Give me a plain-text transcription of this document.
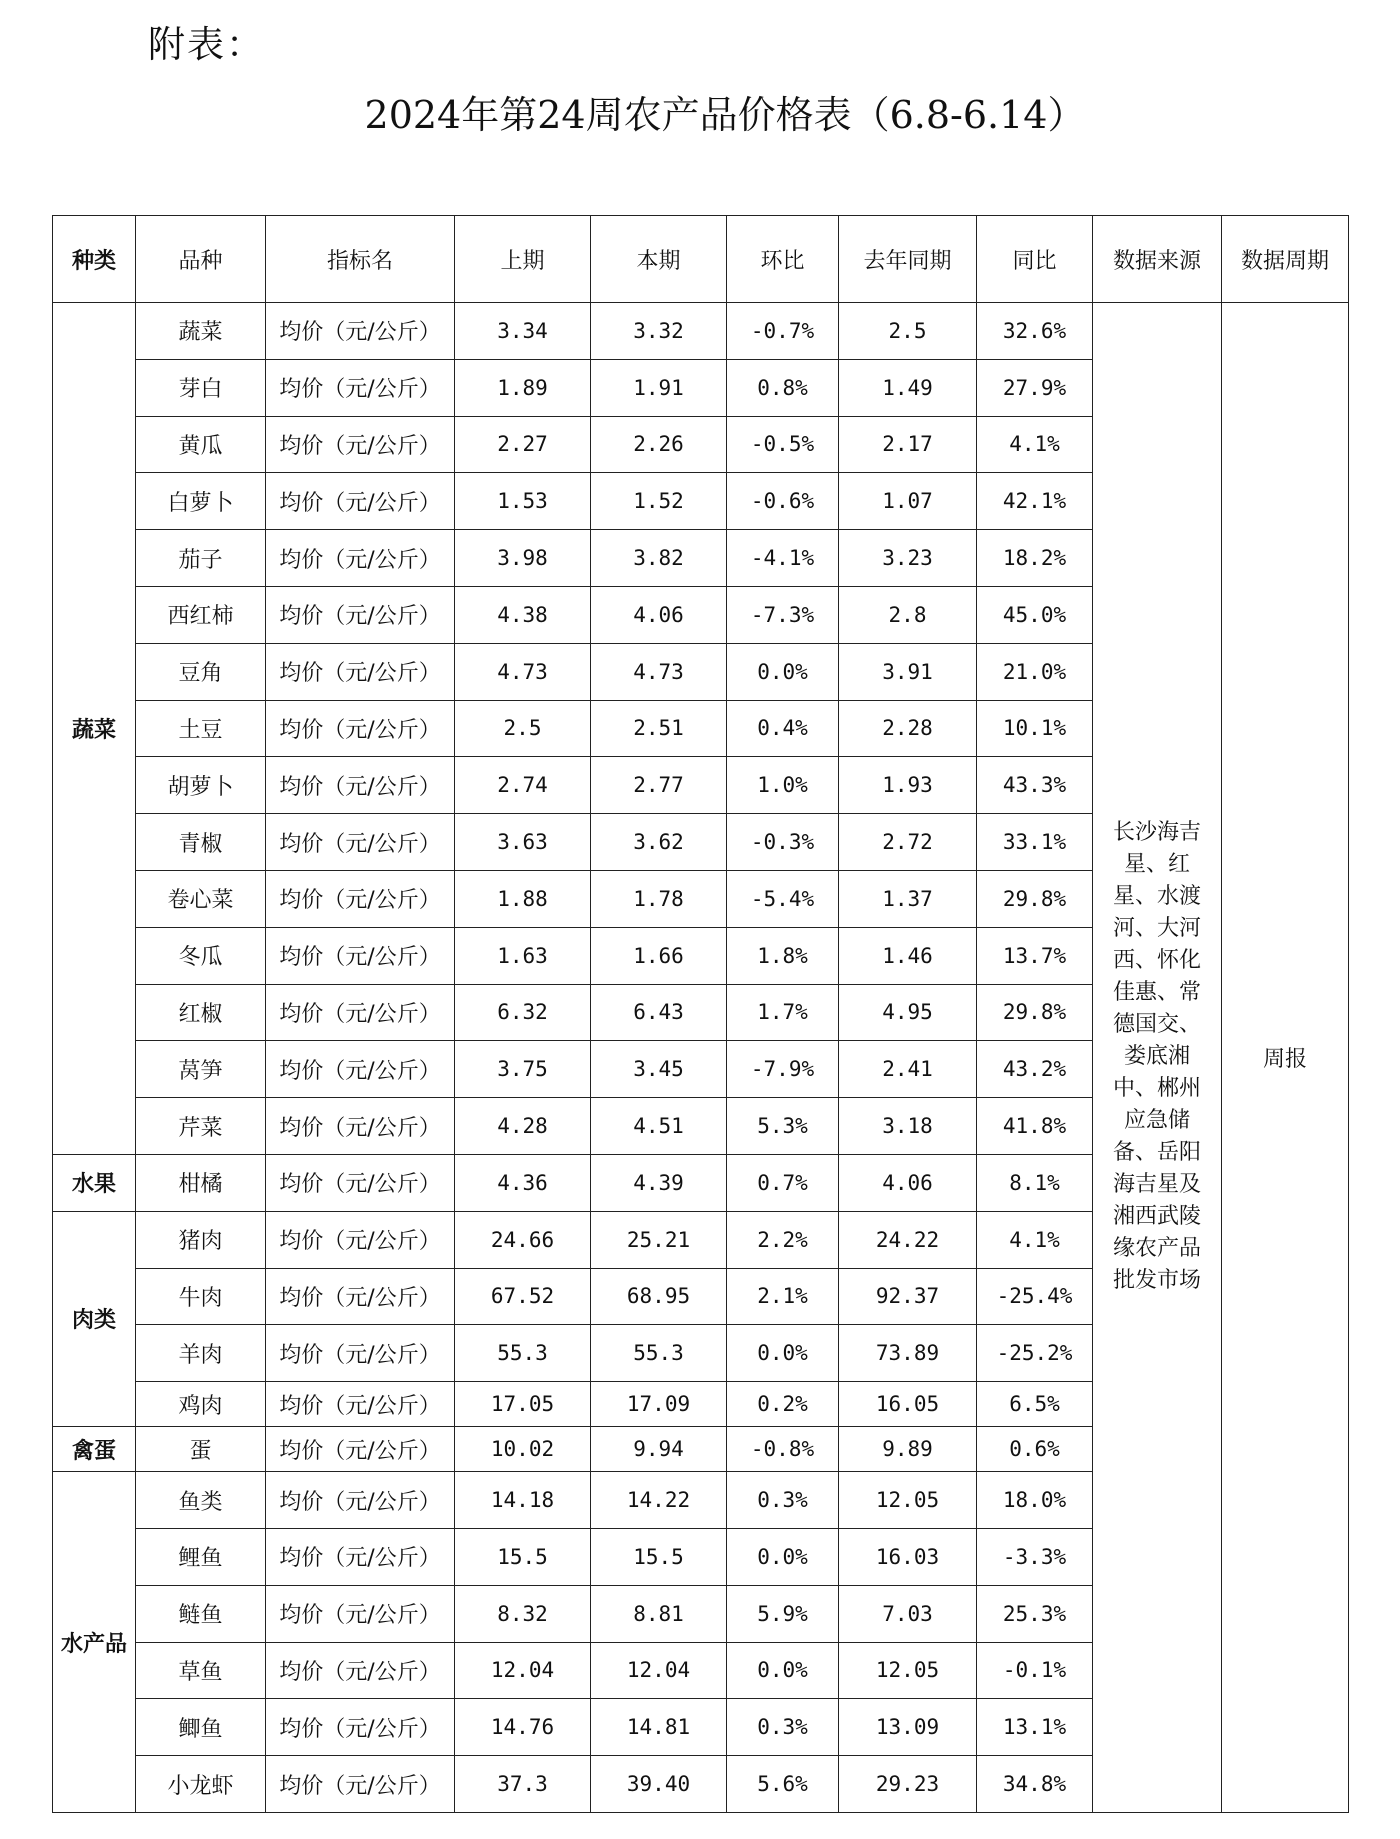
附表：
2024年第24周农产品价格表（6.8-6.14）
种类	品种	指标名	上期	本期	环比	去年同期	同比	数据来源	数据周期
蔬菜	蔬菜	均价（元/公斤）	3.34	3.32	-0.7%	2.5	32.6%	长沙海吉星、红星、水渡河、大河西、怀化佳惠、常德国交、娄底湘中、郴州应急储备、岳阳海吉星及湘西武陵缘农产品批发市场	周报
	芽白	均价（元/公斤）	1.89	1.91	0.8%	1.49	27.9%		
	黄瓜	均价（元/公斤）	2.27	2.26	-0.5%	2.17	4.1%		
	白萝卜	均价（元/公斤）	1.53	1.52	-0.6%	1.07	42.1%		
	茄子	均价（元/公斤）	3.98	3.82	-4.1%	3.23	18.2%		
	西红柿	均价（元/公斤）	4.38	4.06	-7.3%	2.8	45.0%		
	豆角	均价（元/公斤）	4.73	4.73	0.0%	3.91	21.0%		
	土豆	均价（元/公斤）	2.5	2.51	0.4%	2.28	10.1%		
	胡萝卜	均价（元/公斤）	2.74	2.77	1.0%	1.93	43.3%		
	青椒	均价（元/公斤）	3.63	3.62	-0.3%	2.72	33.1%		
	卷心菜	均价（元/公斤）	1.88	1.78	-5.4%	1.37	29.8%		
	冬瓜	均价（元/公斤）	1.63	1.66	1.8%	1.46	13.7%		
	红椒	均价（元/公斤）	6.32	6.43	1.7%	4.95	29.8%		
	莴笋	均价（元/公斤）	3.75	3.45	-7.9%	2.41	43.2%		
	芹菜	均价（元/公斤）	4.28	4.51	5.3%	3.18	41.8%		
水果	柑橘	均价（元/公斤）	4.36	4.39	0.7%	4.06	8.1%		
肉类	猪肉	均价（元/公斤）	24.66	25.21	2.2%	24.22	4.1%		
	牛肉	均价（元/公斤）	67.52	68.95	2.1%	92.37	-25.4%		
	羊肉	均价（元/公斤）	55.3	55.3	0.0%	73.89	-25.2%		
	鸡肉	均价（元/公斤）	17.05	17.09	0.2%	16.05	6.5%		
禽蛋	蛋	均价（元/公斤）	10.02	9.94	-0.8%	9.89	0.6%		
水产品	鱼类	均价（元/公斤）	14.18	14.22	0.3%	12.05	18.0%		
	鲤鱼	均价（元/公斤）	15.5	15.5	0.0%	16.03	-3.3%		
	鲢鱼	均价（元/公斤）	8.32	8.81	5.9%	7.03	25.3%		
	草鱼	均价（元/公斤）	12.04	12.04	0.0%	12.05	-0.1%		
	鲫鱼	均价（元/公斤）	14.76	14.81	0.3%	13.09	13.1%		
	小龙虾	均价（元/公斤）	37.3	39.40	5.6%	29.23	34.8%		
